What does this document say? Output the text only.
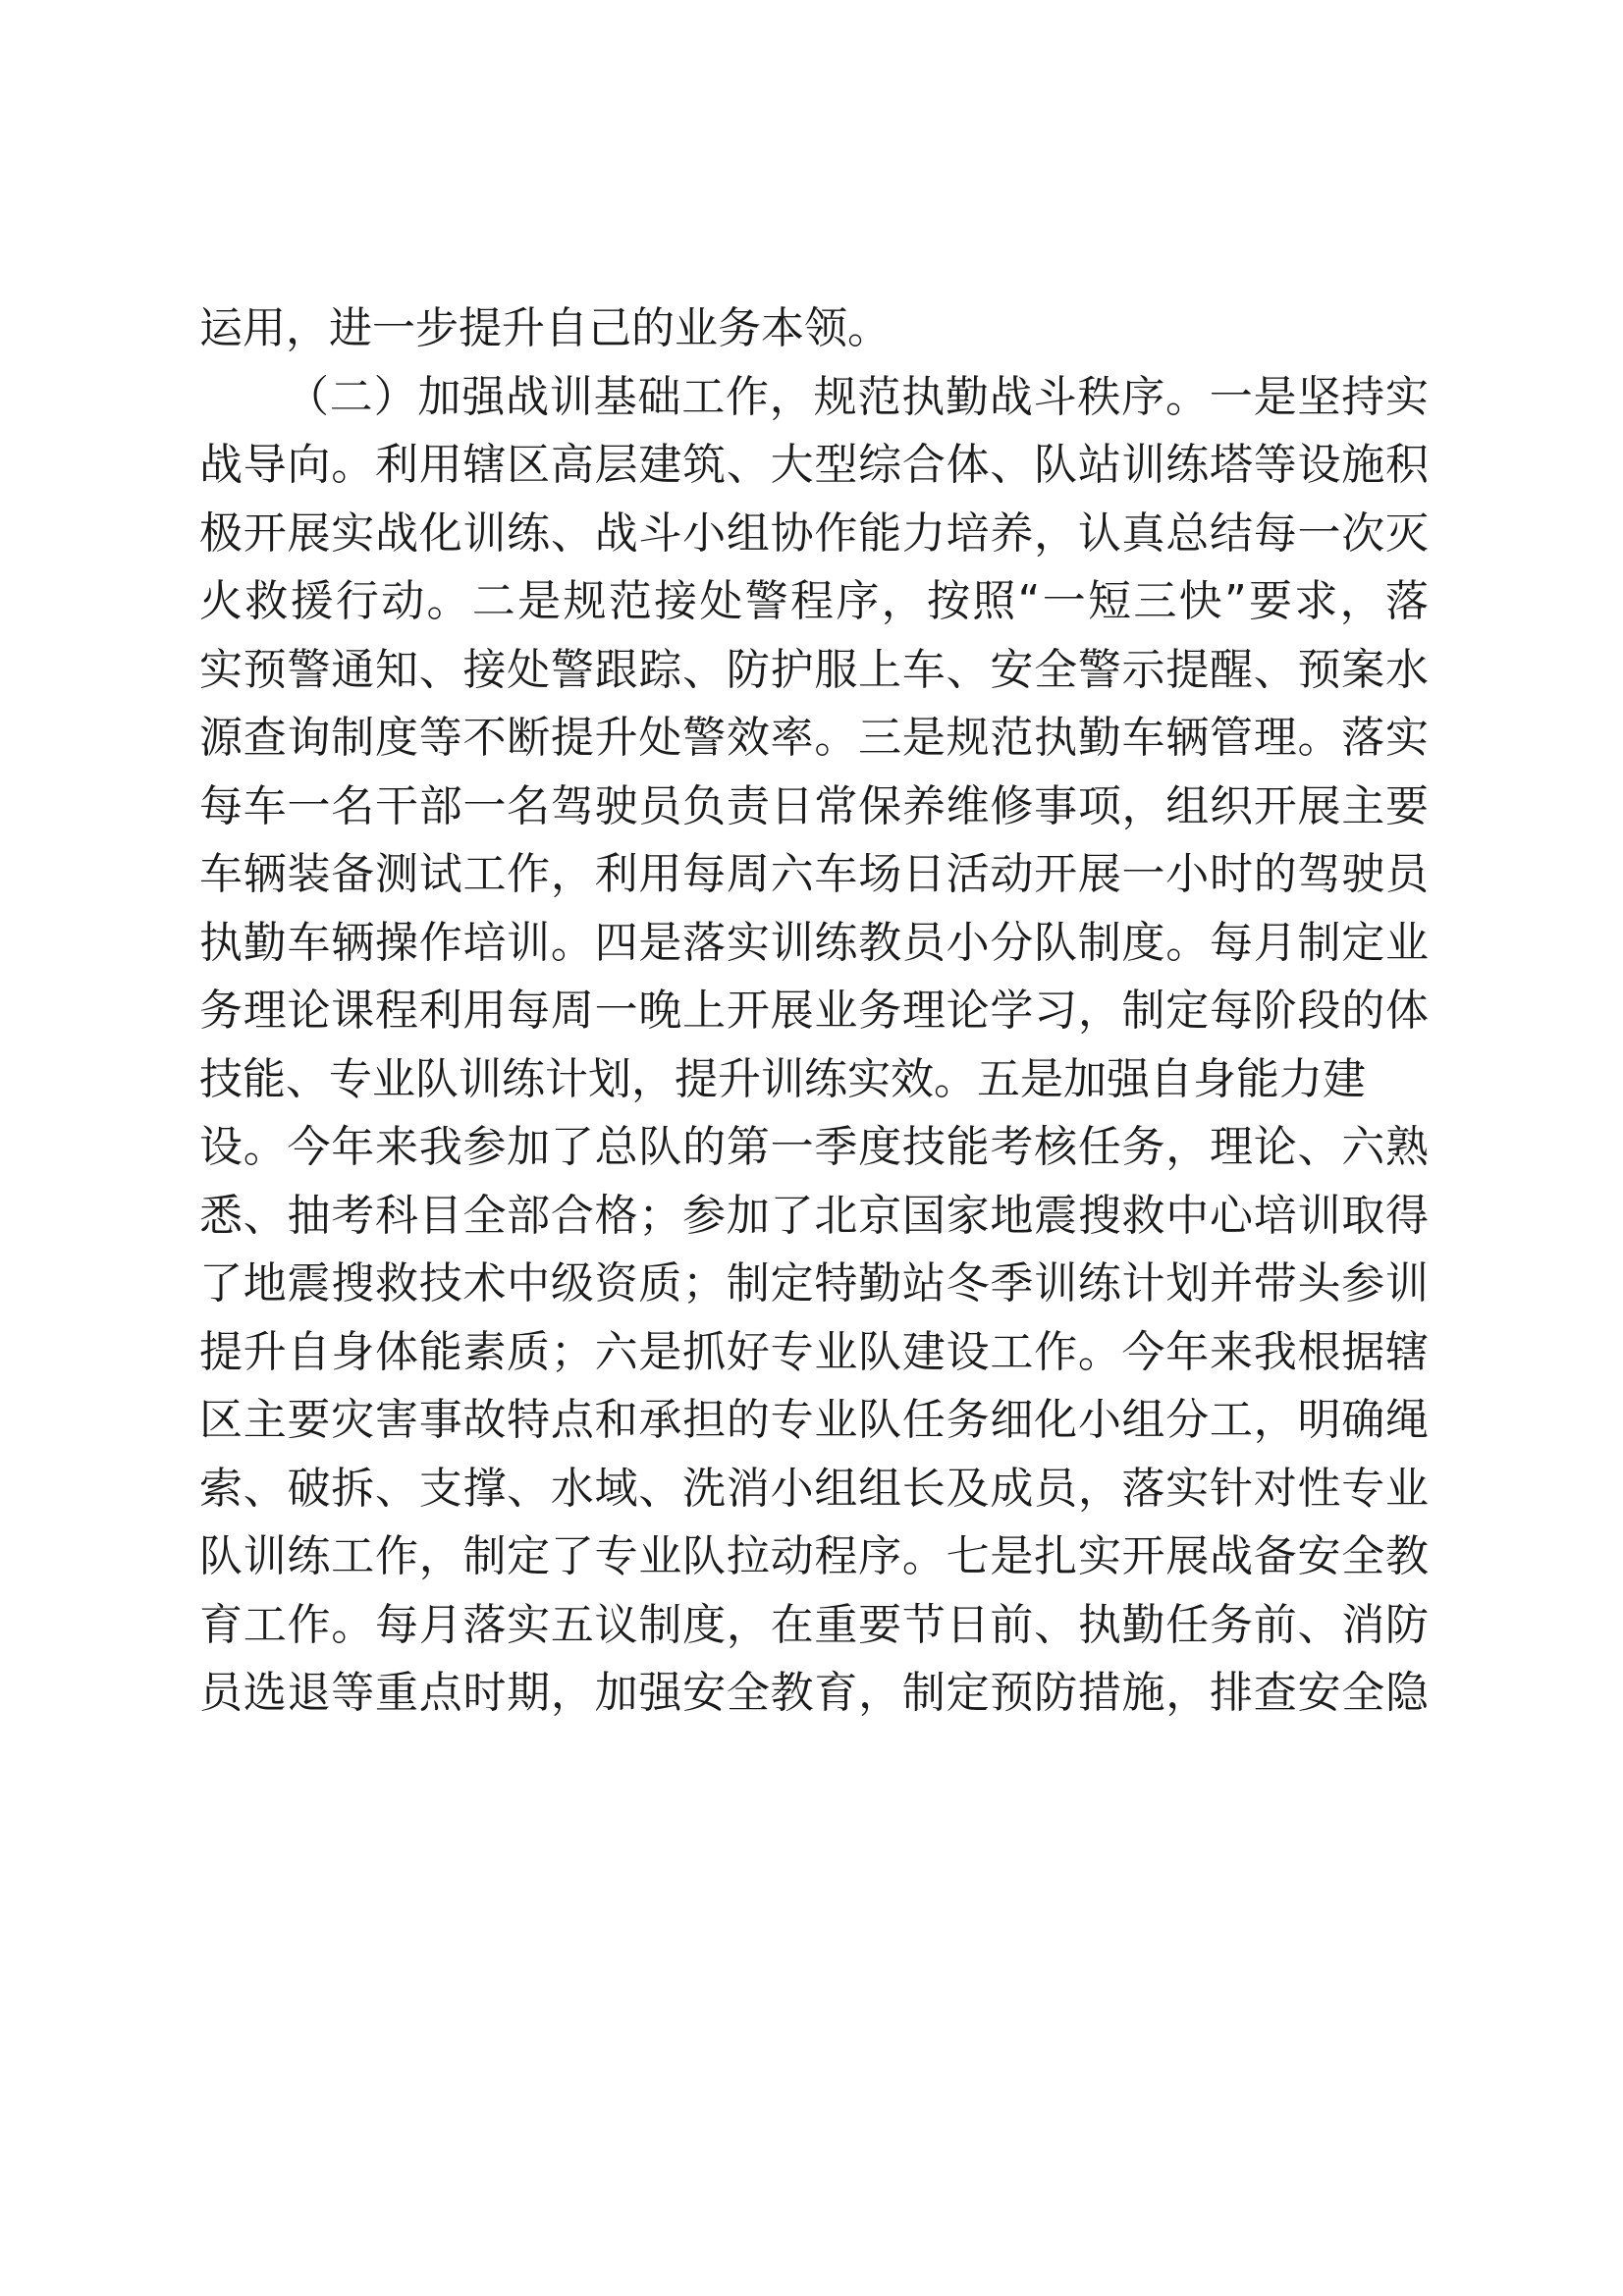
运用，进一步提升自己的业务本领。
（二）加强战训基础工作，规范执勤战斗秩序。一是坚持实
战导向。利用辖区高层建筑、大型综合体、队站训练塔等设施积
极开展实战化训练、战斗小组协作能力培养，认真总结每一次灭
火救援行动。二是规范接处警程序，按照“一短三快”要求，落
实预警通知、接处警跟踪、防护服上车、安全警示提醒、预案水
源查询制度等不断提升处警效率。三是规范执勤车辆管理。落实
每车一名干部一名驾驶员负责日常保养维修事项，组织开展主要
车辆装备测试工作，利用每周六车场日活动开展一小时的驾驶员
执勤车辆操作培训。四是落实训练教员小分队制度。每月制定业
务理论课程利用每周一晚上开展业务理论学习，制定每阶段的体
技能、专业队训练计划，提升训练实效。五是加强自身能力建
设。今年来我参加了总队的第一季度技能考核任务，理论、六熟
悉、抽考科目全部合格；参加了北京国家地震搜救中心培训取得
了地震搜救技术中级资质；制定特勤站冬季训练计划并带头参训
提升自身体能素质；六是抓好专业队建设工作。今年来我根据辖
区主要灾害事故特点和承担的专业队任务细化小组分工，明确绳
索、破拆、支撑、水域、洗消小组组长及成员，落实针对性专业
队训练工作，制定了专业队拉动程序。七是扎实开展战备安全教
育工作。每月落实五议制度，在重要节日前、执勤任务前、消防
员选退等重点时期，加强安全教育，制定预防措施，排查安全隐
